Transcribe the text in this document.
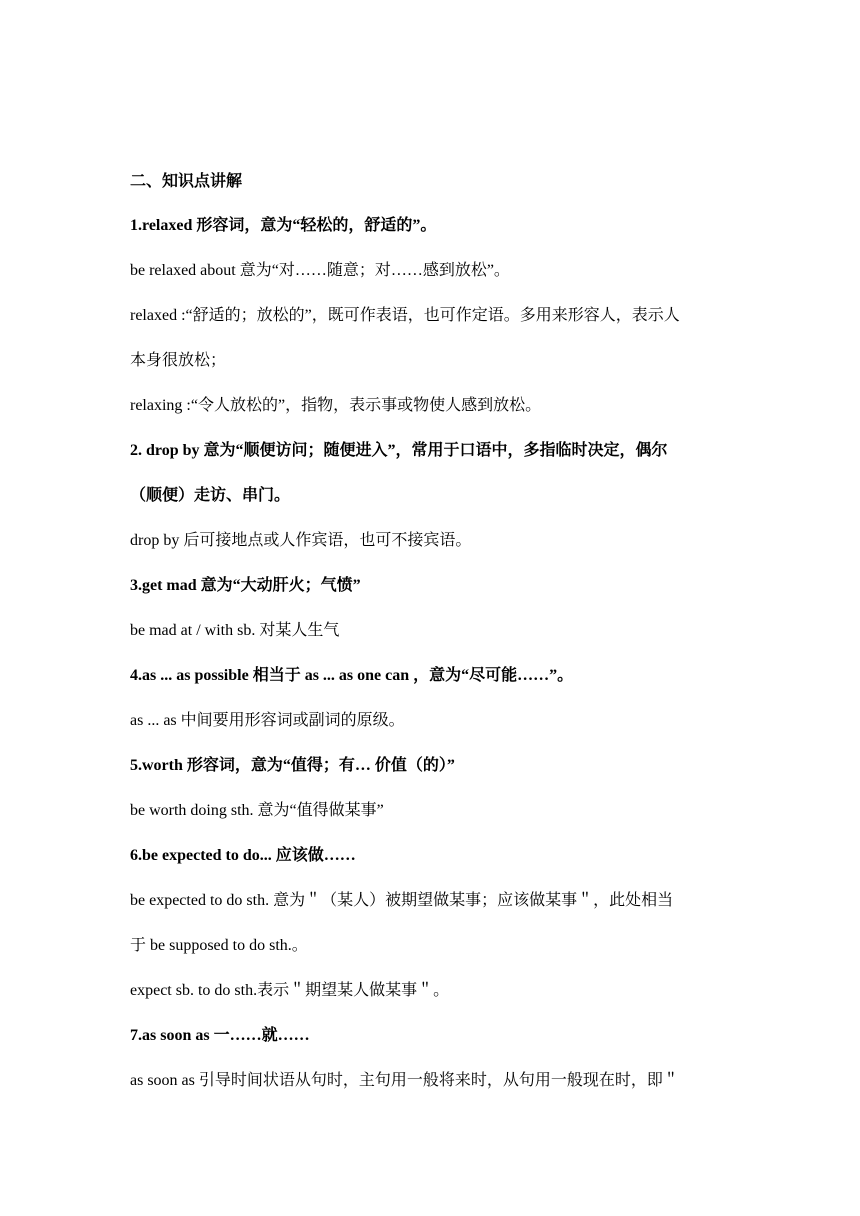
二、知识点讲解
1.relaxed 形容词，意为“轻松的，舒适的”。
be relaxed about 意为“对……随意；对……感到放松”。
relaxed :“舒适的；放松的”，既可作表语，也可作定语。多用来形容人，表示人
本身很放松；
relaxing :“令人放松的”，指物，表示事或物使人感到放松。
2. drop by 意为“顺便访问；随便进入”，常用于口语中，多指临时决定，偶尔
（顺便）走访、串门。
drop by 后可接地点或人作宾语，也可不接宾语。
3.get mad 意为“大动肝火；气愤”
be mad at / with sb. 对某人生气
4.as ... as possible 相当于 as ... as one can ，意为“尽可能……”。
as ... as 中间要用形容词或副词的原级。
5.worth 形容词，意为“值得；有… 价值（的）”
be worth doing sth. 意为“值得做某事”
6.be expected to do... 应该做……
be expected to do sth. 意为＂（某人）被期望做某事；应该做某事＂，此处相当
于 be supposed to do sth.。
expect sb. to do sth.表示＂期望某人做某事＂。
7.as soon as 一……就……
as soon as 引导时间状语从句时，主句用一般将来时，从句用一般现在时，即＂
